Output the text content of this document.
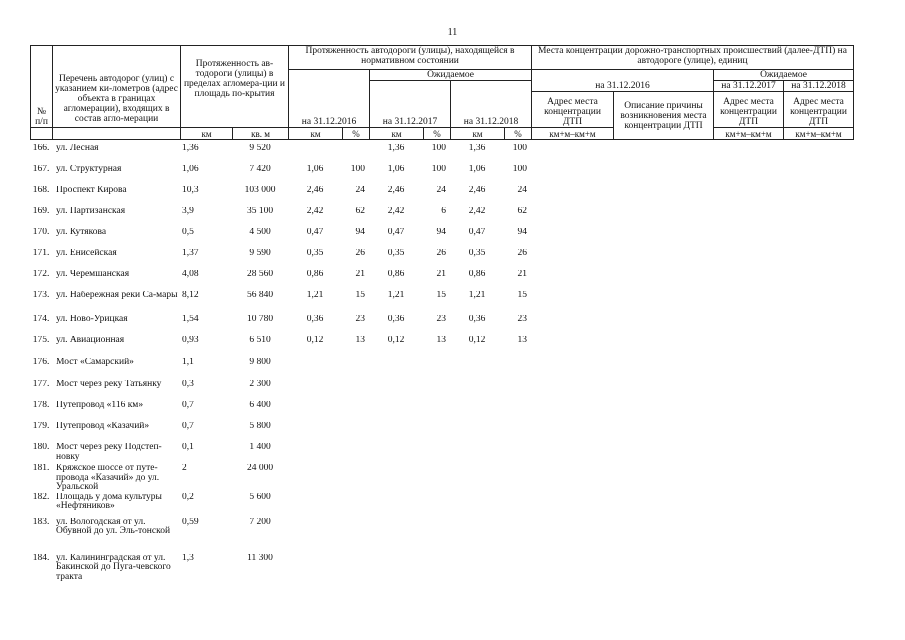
11
№
п/п	Перечень автодорог (улиц) с указанием ки-лометров (адрес объекта в границах агломерации), входящих в состав агло-мерации	Протяженность ав-тодороги (улицы) в пределах агломера-ции и площадь по-крытия		Протяженность автодороги (улицы), находящейся в нормативном состоянии						Места концентрации дорожно-транспортных происшествий (далее-ДТП) на автодороге (улице), единиц			
				на 31.12.2016		Ожидаемое				на 31.12.2016		Ожидаемое	
						на 31.12.2017		на 31.12.2018				на 31.12.2017	на 31.12.2018
										Адрес места концентрации ДТП	Описание причины возникновения места концентрации ДТП	Адрес места концентрации ДТП	Адрес места концентрации ДТП
		км	кв. м	км	%	км	%	км	%	км+м–км+м		км+м–км+м	км+м–км+м
166.	ул. Лесная	1,36	9 520			1,36	100	1,36	100
167.	ул. Структурная	1,06	7 420	1,06	100	1,06	100	1,06	100
168.	Проспект Кирова	10,3	103 000	2,46	24	2,46	24	2,46	24
169.	ул. Партизанская	3,9	35 100	2,42	62	2,42	6	2,42	62
170.	ул. Кутякова	0,5	4 500	0,47	94	0,47	94	0,47	94
171.	ул. Енисейская	1,37	9 590	0,35	26	0,35	26	0,35	26
172.	ул. Черемшанская	4,08	28 560	0,86	21	0,86	21	0,86	21
173.	ул. Набережная реки Са-мары	8,12	56 840	1,21	15	1,21	15	1,21	15
174.	ул. Ново-Урицкая	1,54	10 780	0,36	23	0,36	23	0,36	23
175.	ул. Авиационная	0,93	6 510	0,12	13	0,12	13	0,12	13
176.	Мост «Самарский»	1,1	9 800						
177.	Мост через реку Татьянку	0,3	2 300						
178.	Путепровод «116 км»	0,7	6 400						
179.	Путепровод «Казачий»	0,7	5 800						
180.	Мост через реку Подстеп-новку	0,1	1 400						
181.	Кряжское шоссе от путе-провода «Казачий» до ул. Уральской	2	24 000						
182.	Площадь у дома культуры «Нефтяников»	0,2	5 600						
183.	ул. Вологодская от ул. Обувной до ул. Эль-тонской	0,59	7 200						
184.	ул. Калининградская от ул. Бакинской до Пуга-чевского тракта	1,3	11 300						
